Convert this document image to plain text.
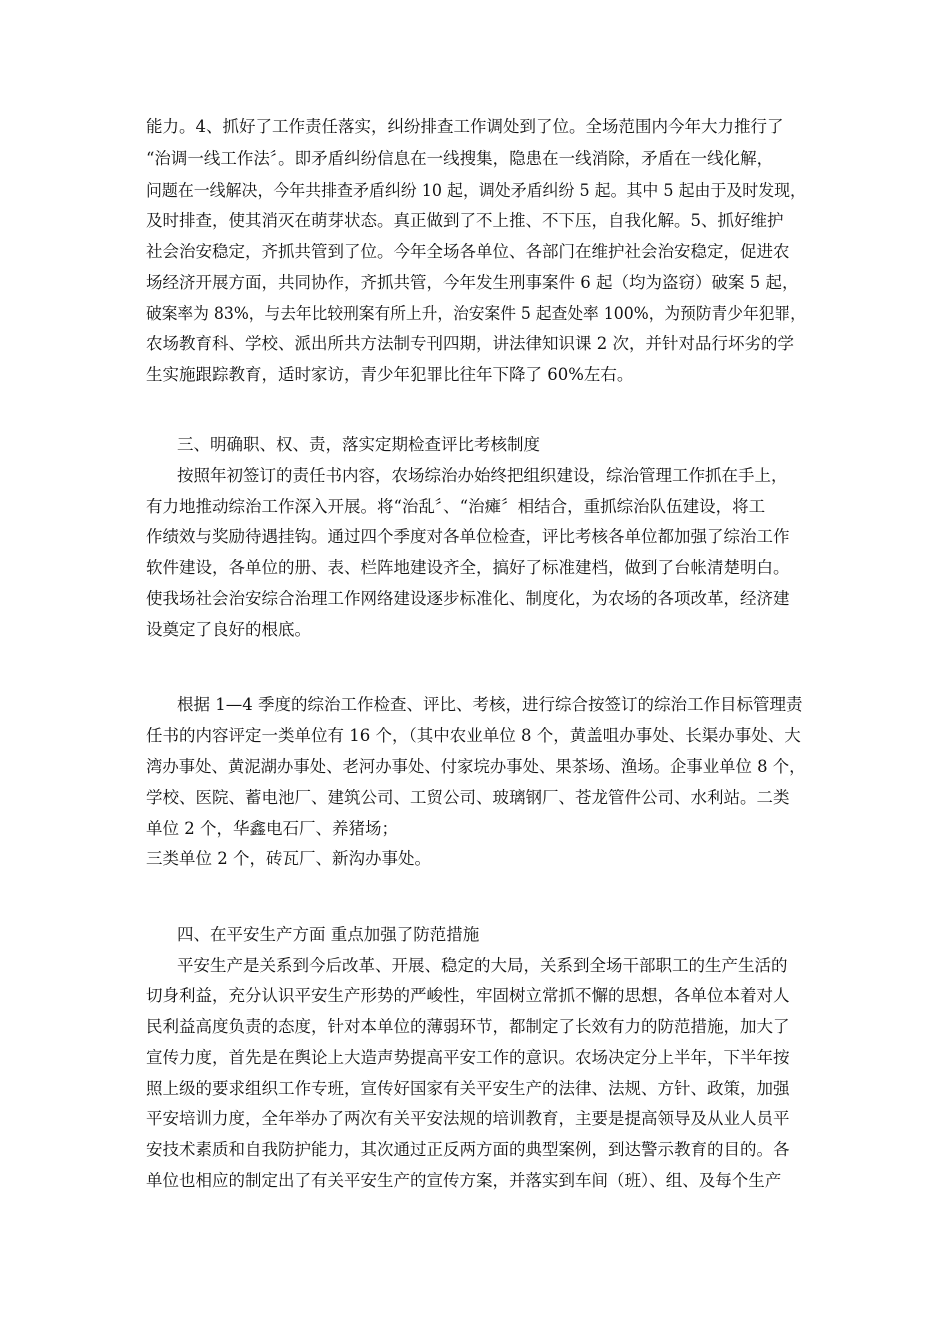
能力。4、抓好了工作责任落实，纠纷排查工作调处到了位。全场范围内今年大力推行了
“治调一线工作法〞。即矛盾纠纷信息在一线搜集，隐患在一线消除，矛盾在一线化解，
问题在一线解决，今年共排查矛盾纠纷 10 起，调处矛盾纠纷 5 起。其中 5 起由于及时发现，
及时排查，使其消灭在萌芽状态。真正做到了不上推、不下压，自我化解。5、抓好维护
社会治安稳定，齐抓共管到了位。今年全场各单位、各部门在维护社会治安稳定，促进农
场经济开展方面，共同协作，齐抓共管，今年发生刑事案件 6 起（均为盗窃）破案 5 起，
破案率为 83%，与去年比较刑案有所上升，治安案件 5 起查处率 100%，为预防青少年犯罪，
农场教育科、学校、派出所共方法制专刊四期，讲法律知识课 2 次，并针对品行坏劣的学
生实施跟踪教育，适时家访，青少年犯罪比往年下降了 60%左右。
三、明确职、权、责，落实定期检查评比考核制度
按照年初签订的责任书内容，农场综治办始终把组织建设，综治管理工作抓在手上，
有力地推动综治工作深入开展。将“治乱〞、“治瘫〞相结合，重抓综治队伍建设，将工
作绩效与奖励待遇挂钩。通过四个季度对各单位检查，评比考核各单位都加强了综治工作
软件建设，各单位的册、表、栏阵地建设齐全，搞好了标准建档，做到了台帐清楚明白。
使我场社会治安综合治理工作网络建设逐步标准化、制度化，为农场的各项改革，经济建
设奠定了良好的根底。
根据 1—4 季度的综治工作检查、评比、考核，进行综合按签订的综治工作目标管理责
任书的内容评定一类单位有 16 个，（其中农业单位 8 个，黄盖咀办事处、长渠办事处、大
湾办事处、黄泥湖办事处、老河办事处、付家垸办事处、果茶场、渔场。企事业单位 8 个，
学校、医院、蓄电池厂、建筑公司、工贸公司、玻璃钢厂、苍龙管件公司、水利站。二类
单位 2 个，华鑫电石厂、养猪场；
三类单位 2 个，砖瓦厂、新沟办事处。
四、在平安生产方面 重点加强了防范措施
平安生产是关系到今后改革、开展、稳定的大局，关系到全场干部职工的生产生活的
切身利益，充分认识平安生产形势的严峻性，牢固树立常抓不懈的思想，各单位本着对人
民利益高度负责的态度，针对本单位的薄弱环节，都制定了长效有力的防范措施，加大了
宣传力度，首先是在舆论上大造声势提高平安工作的意识。农场决定分上半年，下半年按
照上级的要求组织工作专班，宣传好国家有关平安生产的法律、法规、方针、政策，加强
平安培训力度，全年举办了两次有关平安法规的培训教育，主要是提高领导及从业人员平
安技术素质和自我防护能力，其次通过正反两方面的典型案例，到达警示教育的目的。各
单位也相应的制定出了有关平安生产的宣传方案，并落实到车间（班）、组、及每个生产
